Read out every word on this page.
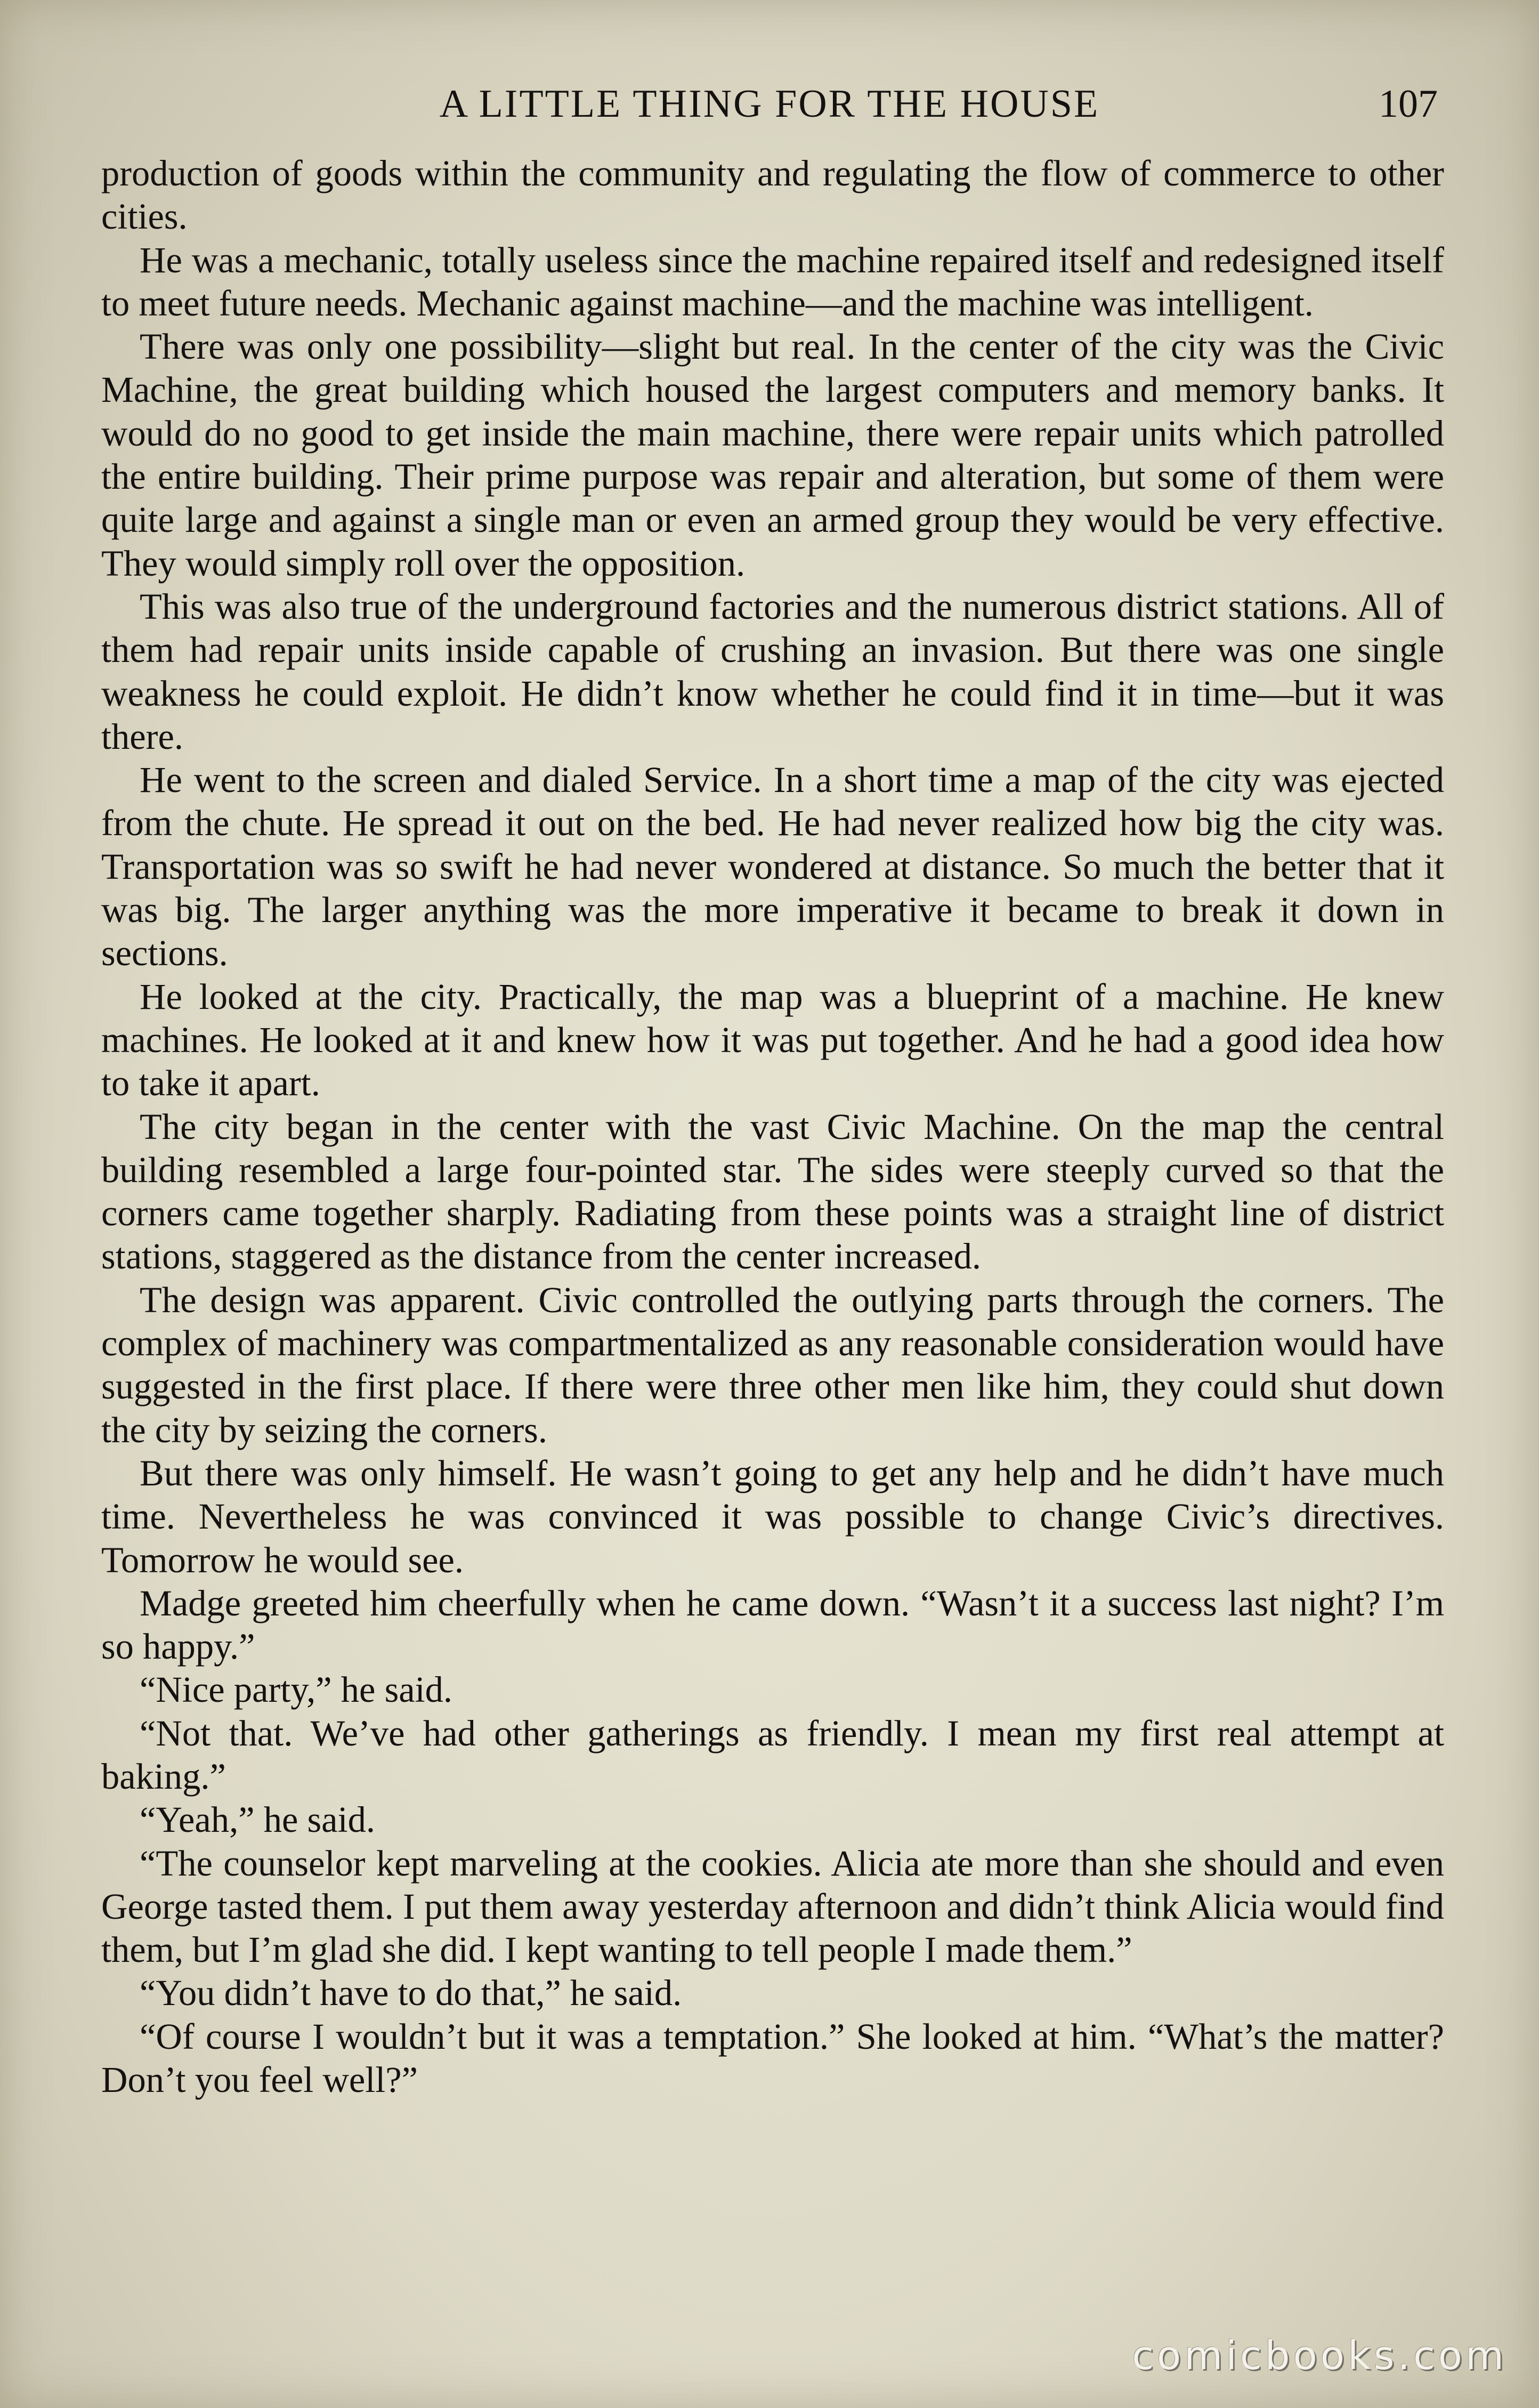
A LITTLE THING FOR THE HOUSE	107

production of goods within the community and regulating the flow of commerce to other cities.

He was a mechanic, totally useless since the machine repaired itself and redesigned itself to meet future needs. Mechanic against machine—and the machine was intelligent.

There was only one possibility—slight but real. In the center of the city was the Civic Machine, the great building which housed the largest computers and memory banks. It would do no good to get inside the main machine, there were repair units which patrolled the entire building. Their prime purpose was repair and alteration, but some of them were quite large and against a single man or even an armed group they would be very effective. They would simply roll over the opposition.

This was also true of the underground factories and the numerous district stations. All of them had repair units inside capable of crushing an invasion. But there was one single weakness he could exploit. He didn’t know whether he could find it in time—but it was there.

He went to the screen and dialed Service. In a short time a map of the city was ejected from the chute. He spread it out on the bed. He had never realized how big the city was. Transportation was so swift he had never wondered at distance. So much the better that it was big. The larger anything was the more imperative it became to break it down in sections.

He looked at the city. Practically, the map was a blueprint of a machine. He knew machines. He looked at it and knew how it was put together. And he had a good idea how to take it apart.

The city began in the center with the vast Civic Machine. On the map the central building resembled a large four-pointed star. The sides were steeply curved so that the corners came together sharply. Radiating from these points was a straight line of district stations, staggered as the distance from the center increased.

The design was apparent. Civic controlled the outlying parts through the corners. The complex of machinery was compartmentalized as any reasonable consideration would have suggested in the first place. If there were three other men like him, they could shut down the city by seizing the corners.

But there was only himself. He wasn’t going to get any help and he didn’t have much time. Nevertheless he was convinced it was possible to change Civic’s directives. Tomorrow he would see.

Madge greeted him cheerfully when he came down. “Wasn’t it a success last night? I’m so happy.”

“Nice party,” he said.

“Not that. We’ve had other gatherings as friendly. I mean my first real attempt at baking.”

“Yeah,” he said.

“The counselor kept marveling at the cookies. Alicia ate more than she should and even George tasted them. I put them away yesterday afternoon and didn’t think Alicia would find them, but I’m glad she did. I kept wanting to tell people I made them.”

“You didn’t have to do that,” he said.

“Of course I wouldn’t but it was a temptation.” She looked at him. “What’s the matter? Don’t you feel well?”

comicbooks.com
